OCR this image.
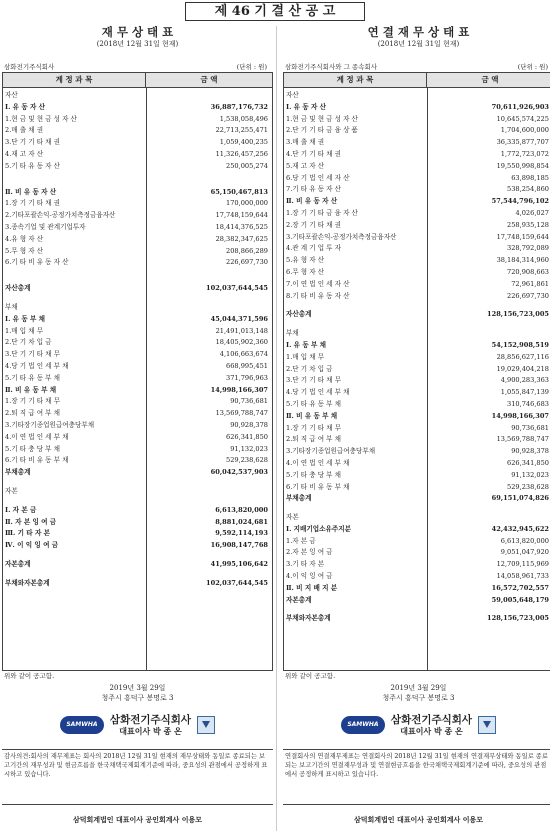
제 46 기 결 산 공 고
재 무 상 태 표
(2018년 12월 31일 현재)
삼화전기주식회사	(단위 : 원)
계 정 과 목	금 액
자산
Ⅰ. 유 동 자 산	36,887,176,732
1.현 금 및 현 금 성 자 산	1,538,058,496
2.매 출 채 권	22,713,255,471
3.단 기 기 타 채 권	1,059,400,235
4.재 고 자 산	11,326,457,256
5.기 타 유 동 자 산	250,005,274
Ⅱ. 비 유 동 자 산	65,150,467,813
1.장 기 기 타 채 권	170,000,000
2.기타포괄손익-공정가치측정금융자산	17,748,159,644
3.종속기업 및 관계기업투자	18,414,376,525
4.유 형 자 산	28,382,347,625
5.무 형 자 산	208,866,289
6.기 타 비 유 동 자 산	226,697,730
자산총계	102,037,644,545
부채
Ⅰ. 유 동 부 채	45,044,371,596
1.매 입 채 무	21,491,013,148
2.단 기 차 입 금	18,405,902,360
3.단 기 기 타 채 무	4,106,663,674
4.당 기 법 인 세 부 채	668,995,451
5.기 타 유 동 부 채	371,796,963
Ⅱ. 비 유 동 부 채	14,998,166,307
1.장 기 기 타 채 무	90,736,681
2.퇴 직 급 여 부 채	13,569,788,747
3.기타장기종업원급여충당부채	90,928,378
4.이 연 법 인 세 부 채	626,341,850
5.기 타 충 당 부 채	91,132,023
6.기 타 비 유 동 부 채	529,238,628
부채총계	60,042,537,903
자본
Ⅰ. 자 본 금	6,613,820,000
Ⅱ. 자 본 잉 여 금	8,881,024,681
Ⅲ. 기 타 자 본	9,592,114,193
Ⅳ. 이 익 잉 여 금	16,908,147,768
자본총계	41,995,106,642
부채와자본총계	102,037,644,545
위와 같이 공고함.
2019년 3월 29일
청주시 흥덕구 봉명로 3
SAMWHA	삼화전기주식회사
대표이사 박 종 온
감사의견:회사의 재무제표는 회사의 2018년 12월 31일 현재의 재무상태와 동일로 종료되는 보고기간의 재무성과 및 현금흐름을 한국채택국제회계기준에 따라, 중요성의 관점에서 공정하게 표시하고 있습니다.
삼덕회계법인 대표이사 공인회계사 이용모
연 결 재 무 상 태 표
(2018년 12월 31일 현재)
삼화전기주식회사와 그 종속회사	(단위 : 원)
계 정 과 목	금 액
자산
Ⅰ. 유 동 자 산	70,611,926,903
1.현 금 및 현 금 성 자 산	10,645,574,225
2.단 기 기 타 금 융 상 품	1,704,600,000
3.매 출 채 권	36,335,877,707
4.단 기 기 타 채 권	1,772,723,072
5.재 고 자 산	19,550,998,854
6.당 기 법 인 세 자 산	63,898,185
7.기 타 유 동 자 산	538,254,860
Ⅱ. 비 유 동 자 산	57,544,796,102
1.장 기 기 타 금 융 자 산	4,026,027
2.장 기 기 타 채 권	258,935,128
3.기타포괄손익-공정가치측정금융자산	17,748,159,644
4.관 계 기 업 투 자	328,792,089
5.유 형 자 산	38,184,314,960
6.무 형 자 산	720,908,663
7.이 연 법 인 세 자 산	72,961,861
8.기 타 비 유 동 자 산	226,697,730
자산총계	128,156,723,005
부채
Ⅰ. 유 동 부 채	54,152,908,519
1.매 입 채 무	28,856,627,116
2.단 기 차 입 금	19,029,404,218
3.단 기 기 타 채 무	4,900,283,363
4.당 기 법 인 세 부 채	1,055,847,139
5.기 타 유 동 부 채	310,746,683
Ⅱ. 비 유 동 부 채	14,998,166,307
1.장 기 기 타 채 무	90,736,681
2.퇴 직 급 여 부 채	13,569,788,747
3.기타장기종업원급여충당부채	90,928,378
4.이 연 법 인 세 부 채	626,341,850
5.기 타 충 당 부 채	91,132,023
6.기 타 비 유 동 부 채	529,238,628
부채총계	69,151,074,826
자본
Ⅰ. 지배기업소유주지분	42,432,945,622
1.자 본 금	6,613,820,000
2.자 본 잉 여 금	9,051,047,920
3.기 타 자 본	12,709,115,969
4.이 익 잉 여 금	14,058,961,733
Ⅱ. 비 지 배 지 분	16,572,702,557
자본총계	59,005,648,179
부채와자본총계	128,156,723,005
위와 같이 공고함.
2019년 3월 29일
청주시 흥덕구 봉명로 3
SAMWHA	삼화전기주식회사
대표이사 박 종 온
연결회사의 연결재무제표는 연결회사의 2018년 12월 31일 현재의 연결재무상태와 동일로 종료되는 보고기간의 연결재무성과 및 연결현금흐름을 한국채택국제회계기준에 따라, 중요성의 관점에서 공정하게 표시하고 있습니다.
삼덕회계법인 대표이사 공인회계사 이용모
